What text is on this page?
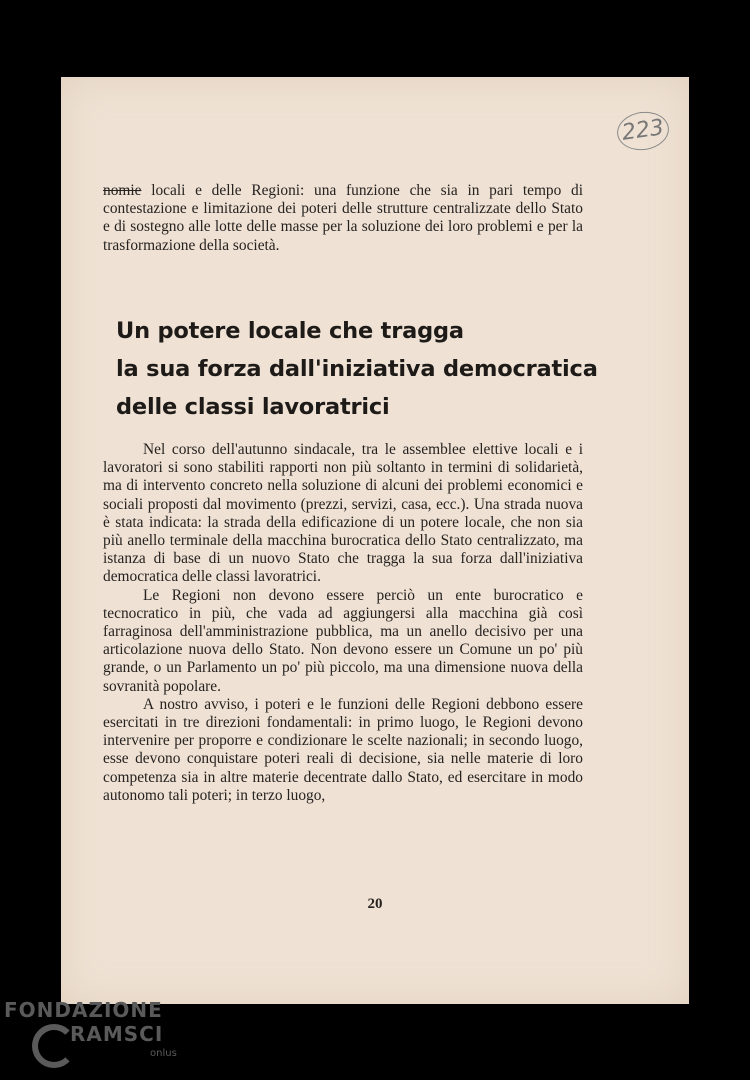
223

nomie locali e delle Regioni: una funzione che sia in pari tempo di contestazione e limitazione dei poteri delle strutture centralizzate dello Stato e di sostegno alle lotte delle masse per la soluzione dei loro problemi e per la trasformazione della società.

Un potere locale che tragga
la sua forza dall'iniziativa democratica
delle classi lavoratrici

Nel corso dell'autunno sindacale, tra le assemblee elettive locali e i lavoratori si sono stabiliti rapporti non più soltanto in termini di solidarietà, ma di intervento concreto nella soluzione di alcuni dei problemi economici e sociali proposti dal movimento (prezzi, servizi, casa, ecc.). Una strada nuova è stata indicata: la strada della edificazione di un potere locale, che non sia più anello terminale della macchina burocratica dello Stato centralizzato, ma istanza di base di un nuovo Stato che tragga la sua forza dall'iniziativa democratica delle classi lavoratrici.

Le Regioni non devono essere perciò un ente burocratico e tecnocratico in più, che vada ad aggiungersi alla macchina già così farraginosa dell'amministrazione pubblica, ma un anello decisivo per una articolazione nuova dello Stato. Non devono essere un Comune un po' più grande, o un Parlamento un po' più piccolo, ma una dimensione nuova della sovranità popolare.

A nostro avviso, i poteri e le funzioni delle Regioni debbono essere esercitati in tre direzioni fondamentali: in primo luogo, le Regioni devono intervenire per proporre e condizionare le scelte nazionali; in secondo luogo, esse devono conquistare poteri reali di decisione, sia nelle materie di loro competenza sia in altre materie decentrate dallo Stato, ed esercitare in modo autonomo tali poteri; in terzo luogo,

20
FONDAZIONE
RAMSCI
onlus
